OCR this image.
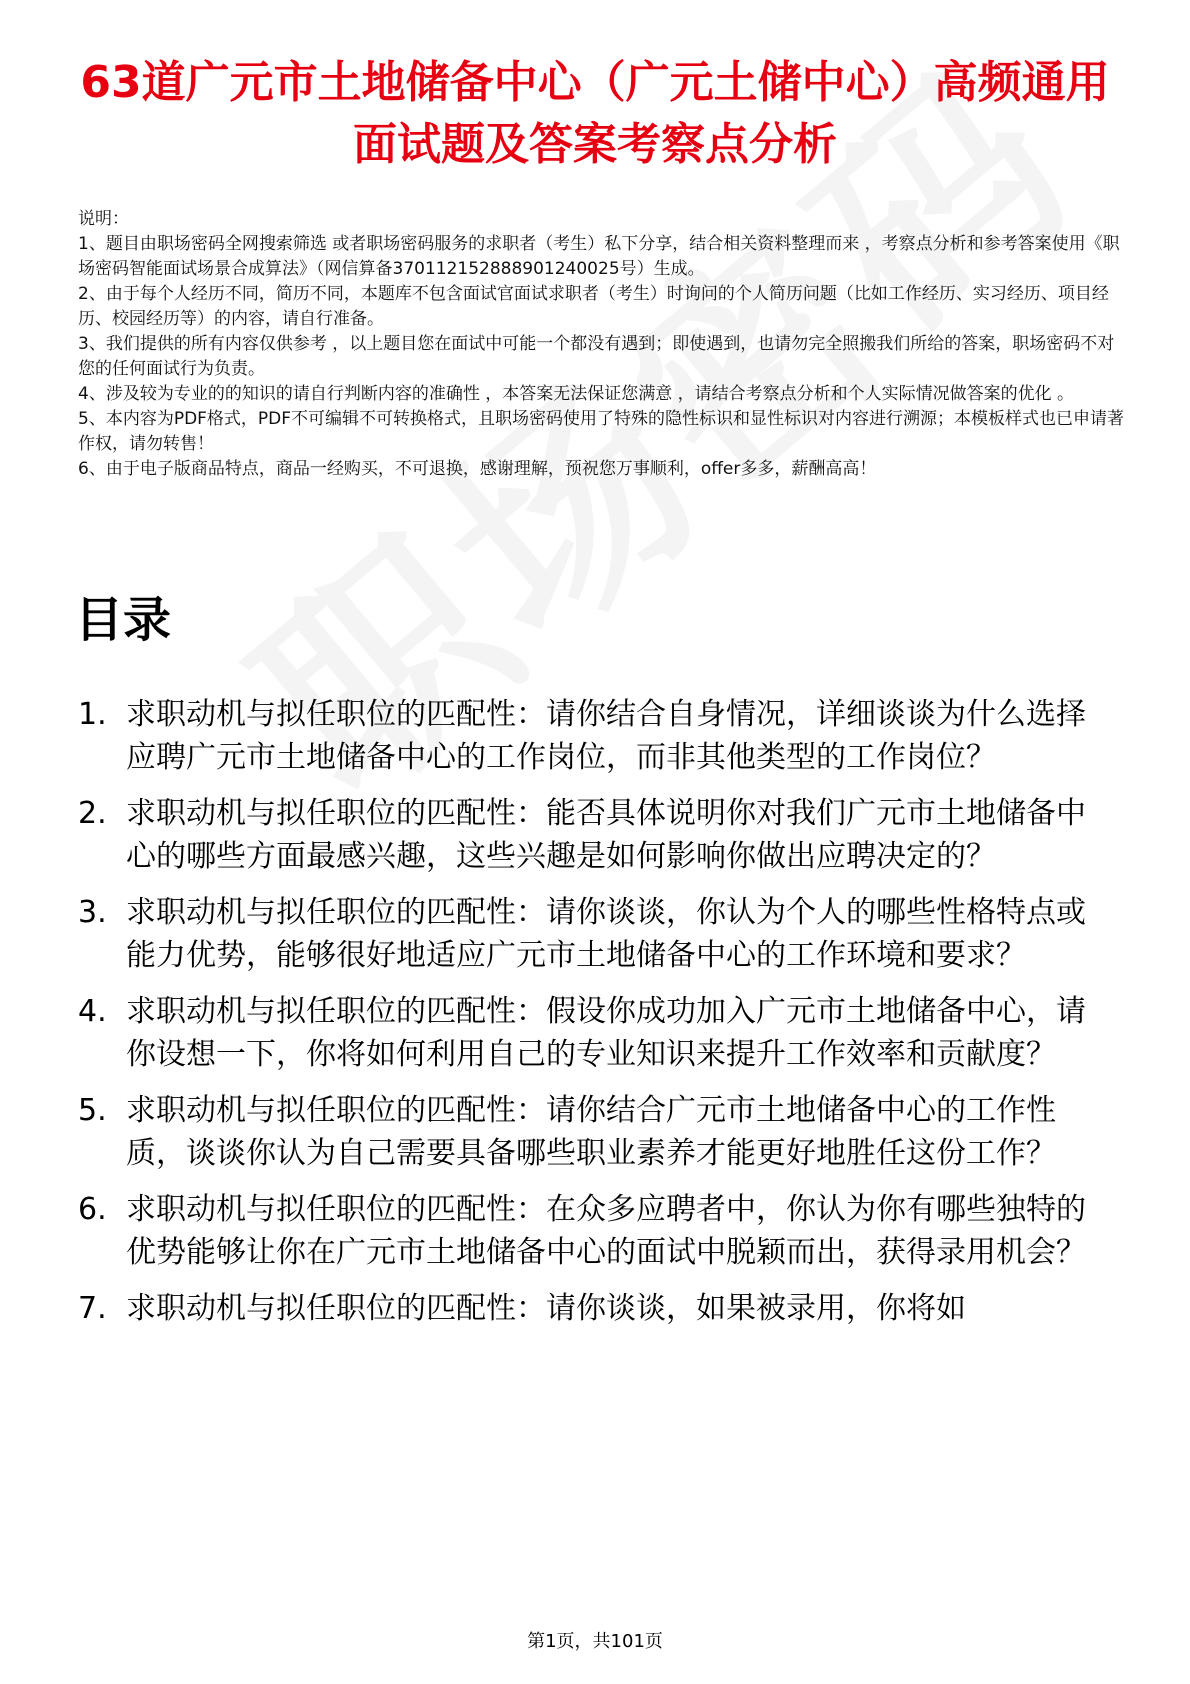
63道广元市土地储备中心（广元土储中心）高频通用面试题及答案考察点分析

说明：

1、题目由职场密码全网搜索筛选 或者职场密码服务的求职者（考生）私下分享，结合相关资料整理而来 ，考察点分析和参考答案使用《职场密码智能面试场景合成算法》（网信算备370112152888901240025号）生成。

2、由于每个人经历不同，简历不同，本题库不包含面试官面试求职者（考生）时询问的个人简历问题（比如工作经历、实习经历、项目经历、校园经历等）的内容，请自行准备。

3、我们提供的所有内容仅供参考 ，以上题目您在面试中可能一个都没有遇到；即使遇到，也请勿完全照搬我们所给的答案，职场密码不对您的任何面试行为负责。

4、涉及较为专业的的知识的请自行判断内容的准确性 ，本答案无法保证您满意 ，请结合考察点分析和个人实际情况做答案的优化 。

5、本内容为PDF格式，PDF不可编辑不可转换格式，且职场密码使用了特殊的隐性标识和显性标识对内容进行溯源；本模板样式也已申请著作权，请勿转售！

6、由于电子版商品特点，商品一经购买，不可退换，感谢理解，预祝您万事顺利，offer多多，薪酬高高！

目录
1. 求职动机与拟任职位的匹配性：请你结合自身情况，详细谈谈为什么选择应聘广元市土地储备中心的工作岗位，而非其他类型的工作岗位？
2. 求职动机与拟任职位的匹配性：能否具体说明你对我们广元市土地储备中心的哪些方面最感兴趣，这些兴趣是如何影响你做出应聘决定的？
3. 求职动机与拟任职位的匹配性：请你谈谈，你认为个人的哪些性格特点或能力优势，能够很好地适应广元市土地储备中心的工作环境和要求？
4. 求职动机与拟任职位的匹配性：假设你成功加入广元市土地储备中心，请你设想一下，你将如何利用自己的专业知识来提升工作效率和贡献度？
5. 求职动机与拟任职位的匹配性：请你结合广元市土地储备中心的工作性质，谈谈你认为自己需要具备哪些职业素养才能更好地胜任这份工作？
6. 求职动机与拟任职位的匹配性：在众多应聘者中，你认为你有哪些独特的优势能够让你在广元市土地储备中心的面试中脱颖而出，获得录用机会？
7. 求职动机与拟任职位的匹配性：请你谈谈，如果被录用，你将如
第1页，共101页
